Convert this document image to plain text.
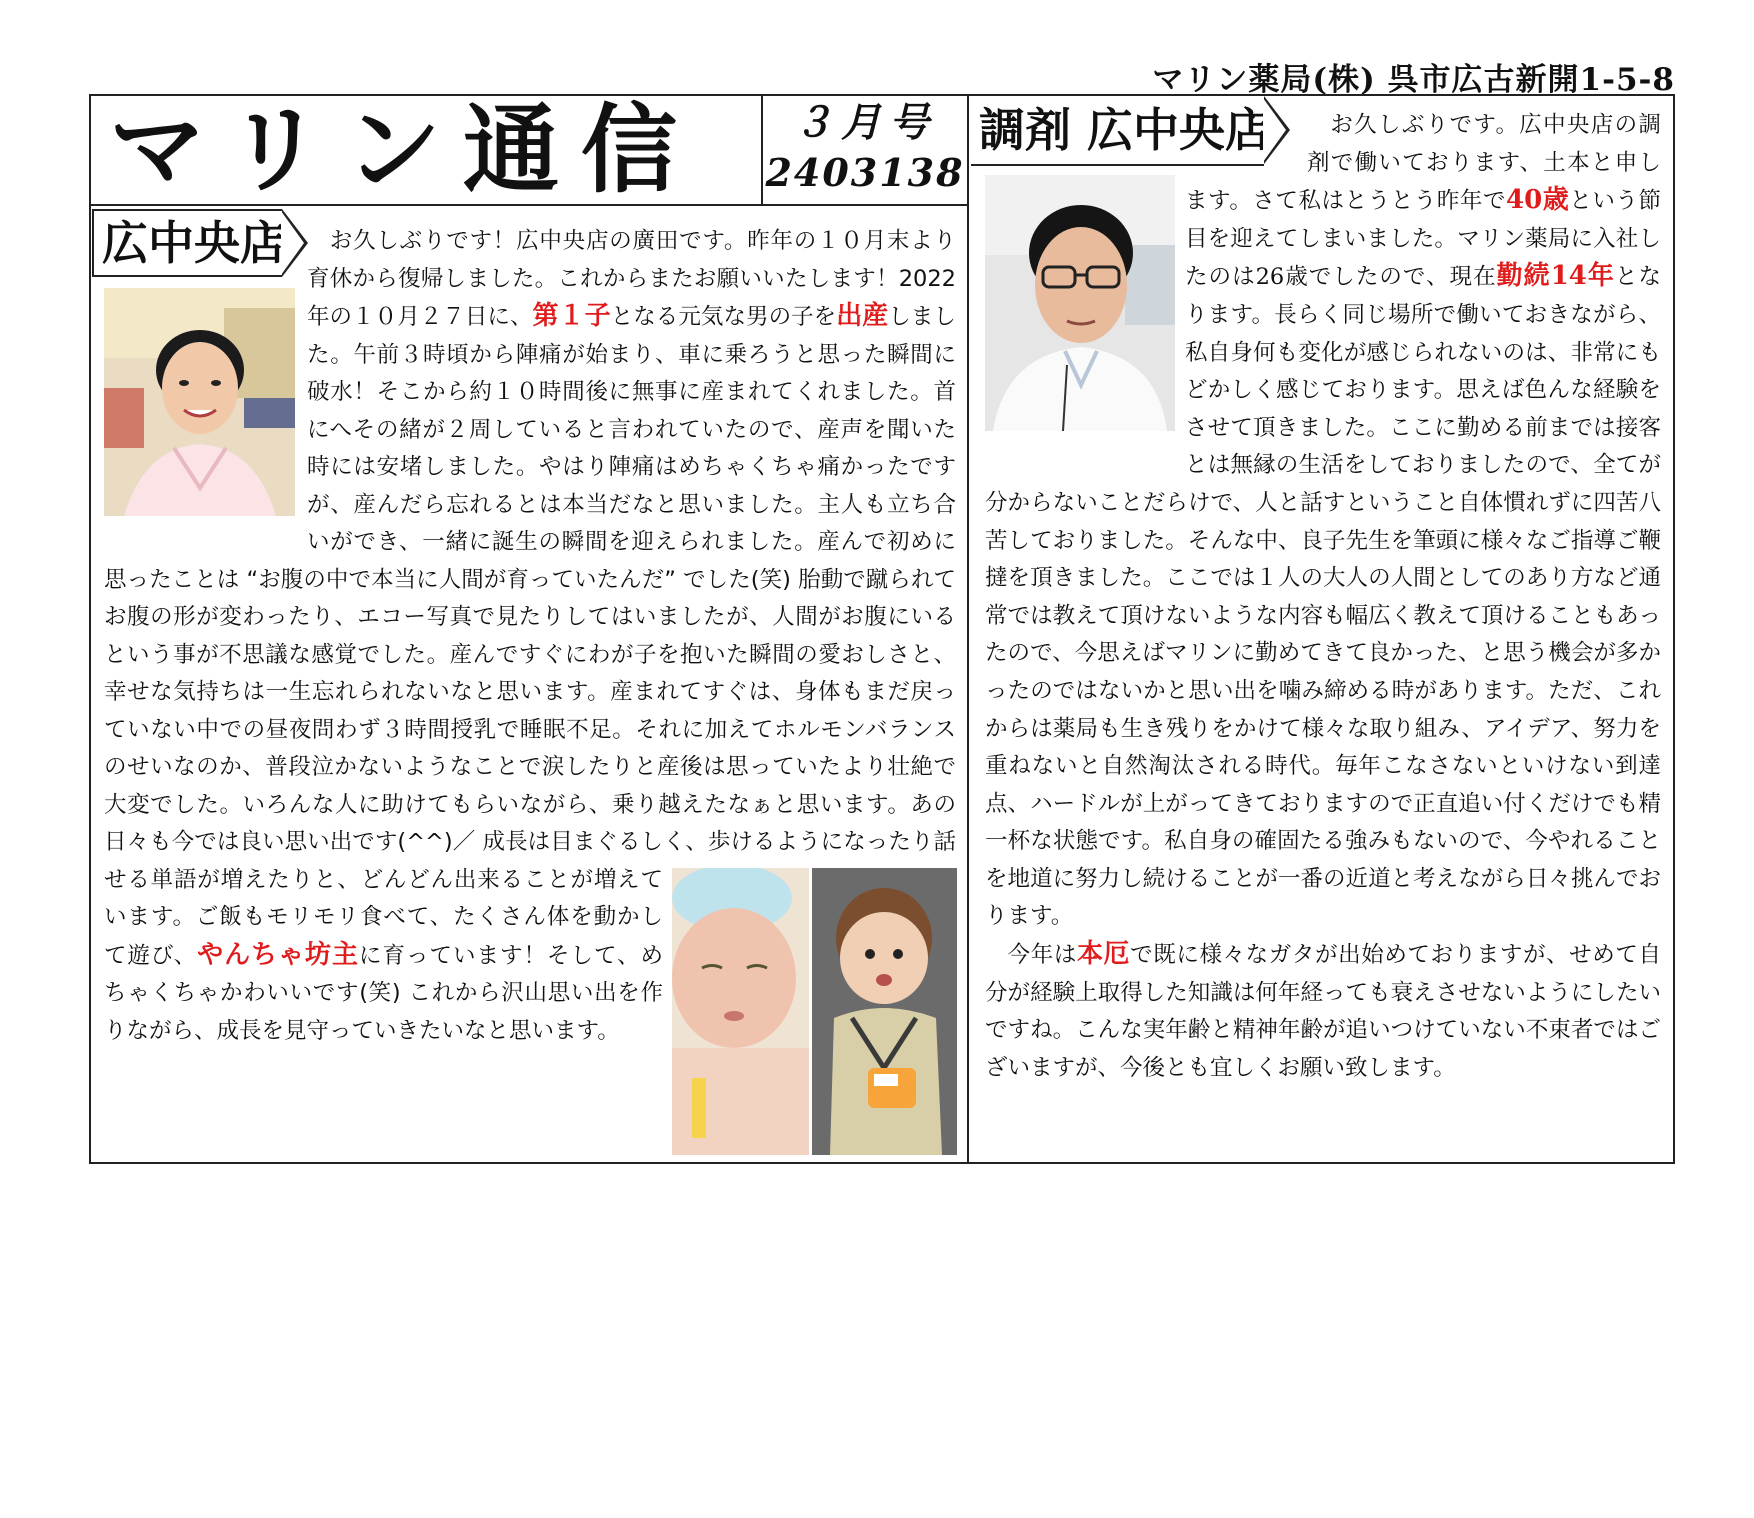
マリン薬局(株) 呉市広古新開1-5-8
マリン通信	３月号
2403138
広中央店	お久しぶりです！広中央店の廣田です。昨年の１０月末より育休から復帰しました。これからまたお願いいたします！2022年の１０月２７日に、第１子となる元気な男の子を出産しました。午前３時頃から陣痛が始まり、車に乗ろうと思った瞬間に破水！そこから約１０時間後に無事に産まれてくれました。首にへその緒が２周していると言われていたので、産声を聞いた時には安堵しました。やはり陣痛はめちゃくちゃ痛かったですが、産んだら忘れるとは本当だなと思いました。主人も立ち合いができ、一緒に誕生の瞬間を迎えられました。産んで初めに思ったことは “お腹の中で本当に人間が育っていたんだ” でした(笑) 胎動で蹴られてお腹の形が変わったり、エコー写真で見たりしてはいましたが、人間がお腹にいるという事が不思議な感覚でした。産んですぐにわが子を抱いた瞬間の愛おしさと、幸せな気持ちは一生忘れられないなと思います。産まれてすぐは、身体もまだ戻っていない中での昼夜問わず３時間授乳で睡眠不足。それに加えてホルモンバランスのせいなのか、普段泣かないようなことで涙したりと産後は思っていたより壮絶で大変でした。いろんな人に助けてもらいながら、乗り越えたなぁと思います。あの日々も今では良い思い出です(^^)／ 成長は目まぐるしく、歩けるようになったり話せる単語が増えたりと、どんどん出来ることが増えています。ご飯もモリモリ食べて、たくさん体を動かして遊び、やんちゃ坊主に育っています！そして、めちゃくちゃかわいいです(笑) これから沢山思い出を作りながら、成長を見守っていきたいなと思います。
調剤 広中央店	お久しぶりです。広中央店の調剤で働いております、土本と申します。さて私はとうとう昨年で40歳という節目を迎えてしまいました。マリン薬局に入社したのは26歳でしたので、現在勤続14年となります。長らく同じ場所で働いておきながら、私自身何も変化が感じられないのは、非常にもどかしく感じております。思えば色んな経験をさせて頂きました。ここに勤める前までは接客とは無縁の生活をしておりましたので、全てが分からないことだらけで、人と話すということ自体慣れずに四苦八苦しておりました。そんな中、良子先生を筆頭に様々なご指導ご鞭撻を頂きました。ここでは１人の大人の人間としてのあり方など通常では教えて頂けないような内容も幅広く教えて頂けることもあったので、今思えばマリンに勤めてきて良かった、と思う機会が多かったのではないかと思い出を噛み締める時があります。ただ、これからは薬局も生き残りをかけて様々な取り組み、アイデア、努力を重ねないと自然淘汰される時代。毎年こなさないといけない到達点、ハードルが上がってきておりますので正直追い付くだけでも精一杯な状態です。私自身の確固たる強みもないので、今やれることを地道に努力し続けることが一番の近道と考えながら日々挑んでおります。
今年は本厄で既に様々なガタが出始めておりますが、せめて自分が経験上取得した知識は何年経っても衰えさせないようにしたいですね。こんな実年齢と精神年齢が追いつけていない不束者ではございますが、今後とも宜しくお願い致します。
